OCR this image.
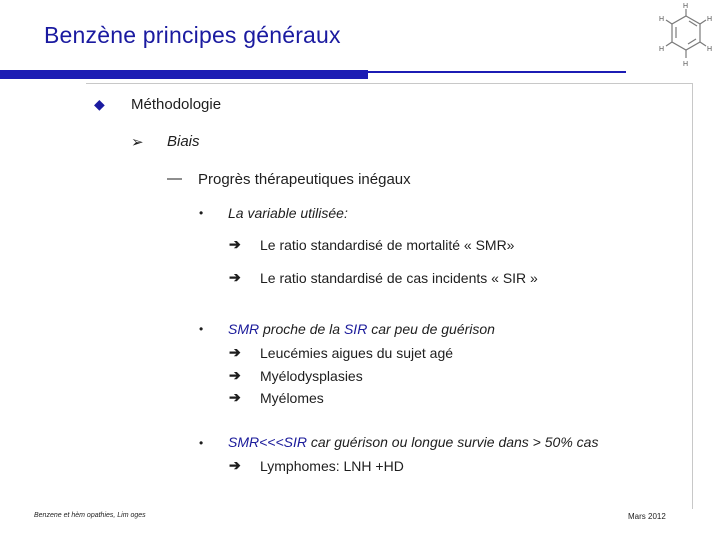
Benzène principes généraux
H
H
H
H
H
H
◆ Méthodologie
➢ Biais
— Progrès thérapeutiques inégaux
• La variable utilisée:
➔ Le ratio standardisé de mortalité « SMR»
➔ Le ratio standardisé de cas incidents « SIR »
• SMR proche de la SIR car peu de guérison
➔ Leucémies aigues du sujet agé
➔ Myélodysplasies
➔ Myélomes
• SMR<<<SIR car guérison ou longue survie dans > 50% cas
➔ Lymphomes: LNH +HD
Benzene et hèm opathies, Lim oges	Mars 2012
